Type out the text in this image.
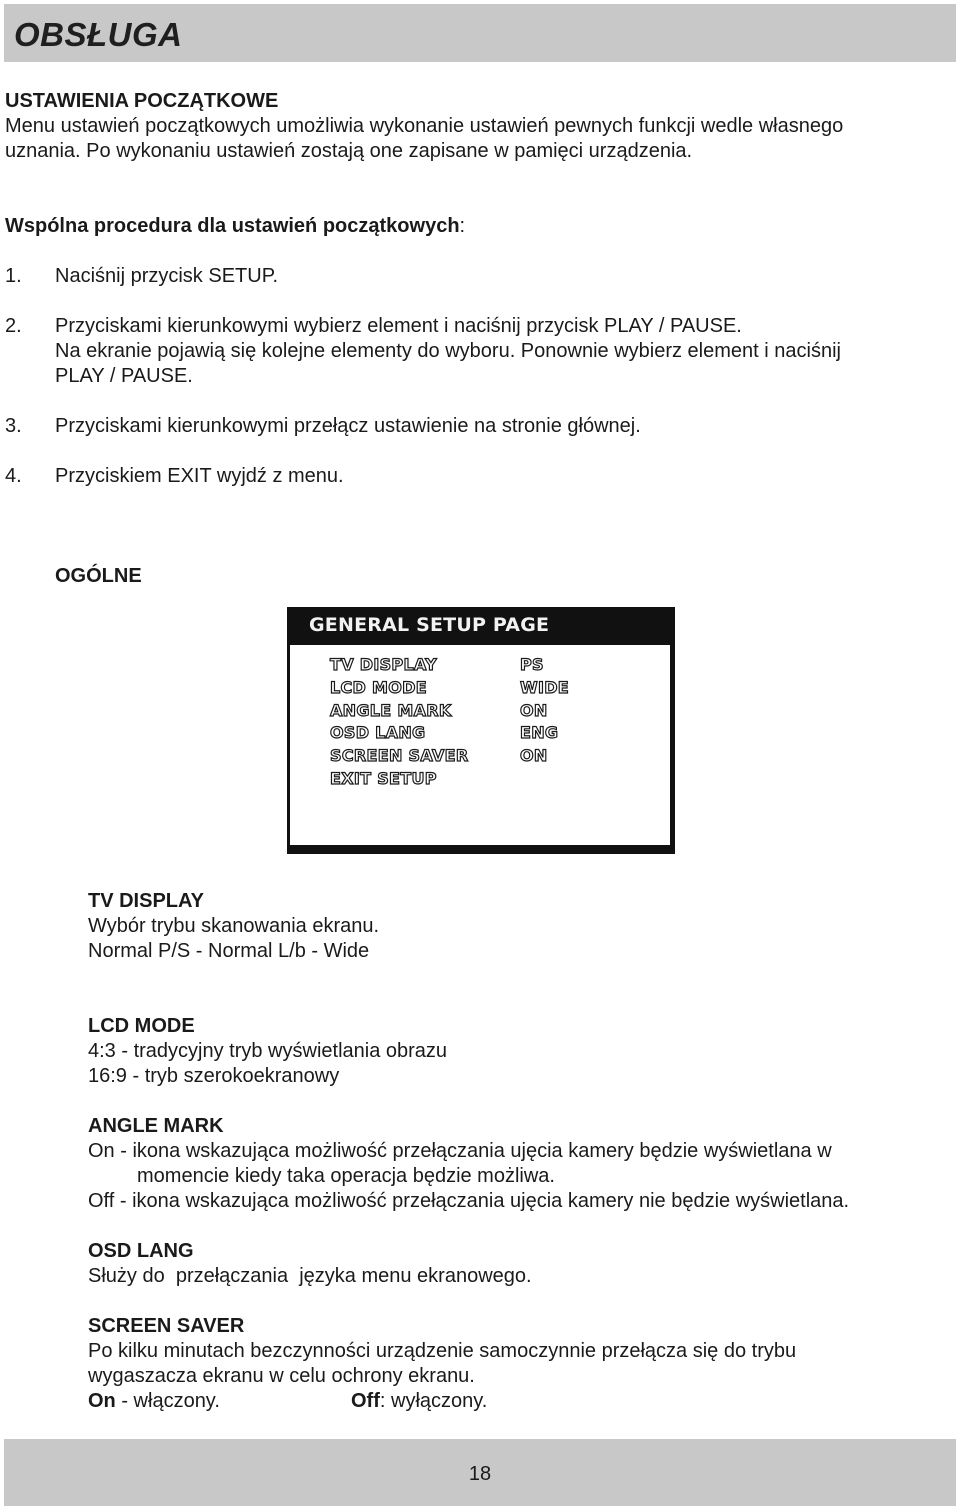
OBSŁUGA
USTAWIENIA POCZĄTKOWE
Menu ustawień początkowych umożliwia wykonanie ustawień pewnych funkcji wedle własnego
uznania. Po wykonaniu ustawień zostają one zapisane w pamięci urządzenia.
Wspólna procedura dla ustawień początkowych:
1. Naciśnij przycisk SETUP.
2. Przyciskami kierunkowymi wybierz element i naciśnij przycisk PLAY / PAUSE.
Na ekranie pojawią się kolejne elementy do wyboru. Ponownie wybierz element i naciśnij
PLAY / PAUSE.
3. Przyciskami kierunkowymi przełącz ustawienie na stronie głównej.
4. Przyciskiem EXIT wyjdź z menu.
OGÓLNE
GENERAL SETUP PAGE
TV DISPLAY	PS
LCD MODE	WIDE
ANGLE MARK	ON
OSD LANG	ENG
SCREEN SAVER	ON
EXIT SETUP
TV DISPLAY
Wybór trybu skanowania ekranu.
Normal P/S - Normal L/b - Wide
LCD MODE
4:3 - tradycyjny tryb wyświetlania obrazu
16:9 - tryb szerokoekranowy
ANGLE MARK
On - ikona wskazująca możliwość przełączania ujęcia kamery będzie wyświetlana w
momencie kiedy taka operacja będzie możliwa.
Off - ikona wskazująca możliwość przełączania ujęcia kamery nie będzie wyświetlana.
OSD LANG
Służy do  przełączania  języka menu ekranowego.
SCREEN SAVER
Po kilku minutach bezczynności urządzenie samoczynnie przełącza się do trybu
wygaszacza ekranu w celu ochrony ekranu.
On - włączony.	Off: wyłączony.
18
